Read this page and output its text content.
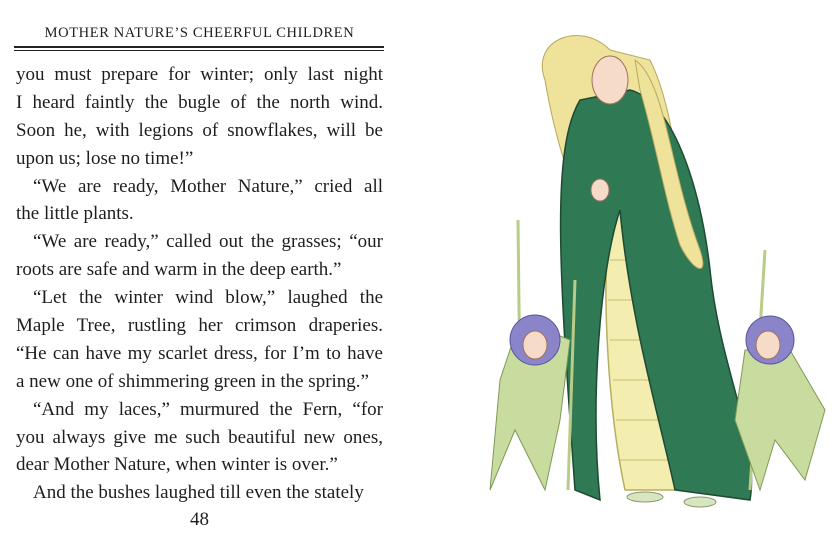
MOTHER NATURE’S CHEERFUL CHILDREN
you must prepare for winter; only last night
I heard faintly the bugle of the north wind.
Soon he, with legions of snowflakes, will be
upon us; lose no time!”
“We are ready, Mother Nature,” cried all
the little plants.
“We are ready,” called out the grasses; “our
roots are safe and warm in the deep earth.”
“Let the winter wind blow,” laughed the
Maple Tree, rustling her crimson draperies.
“He can have my scarlet dress, for I’m to have
a new one of shimmering green in the spring.”
“And my laces,” murmured the Fern, “for
you always give me such beautiful new ones,
dear Mother Nature, when winter is over.”
And the bushes laughed till even the stately
48
